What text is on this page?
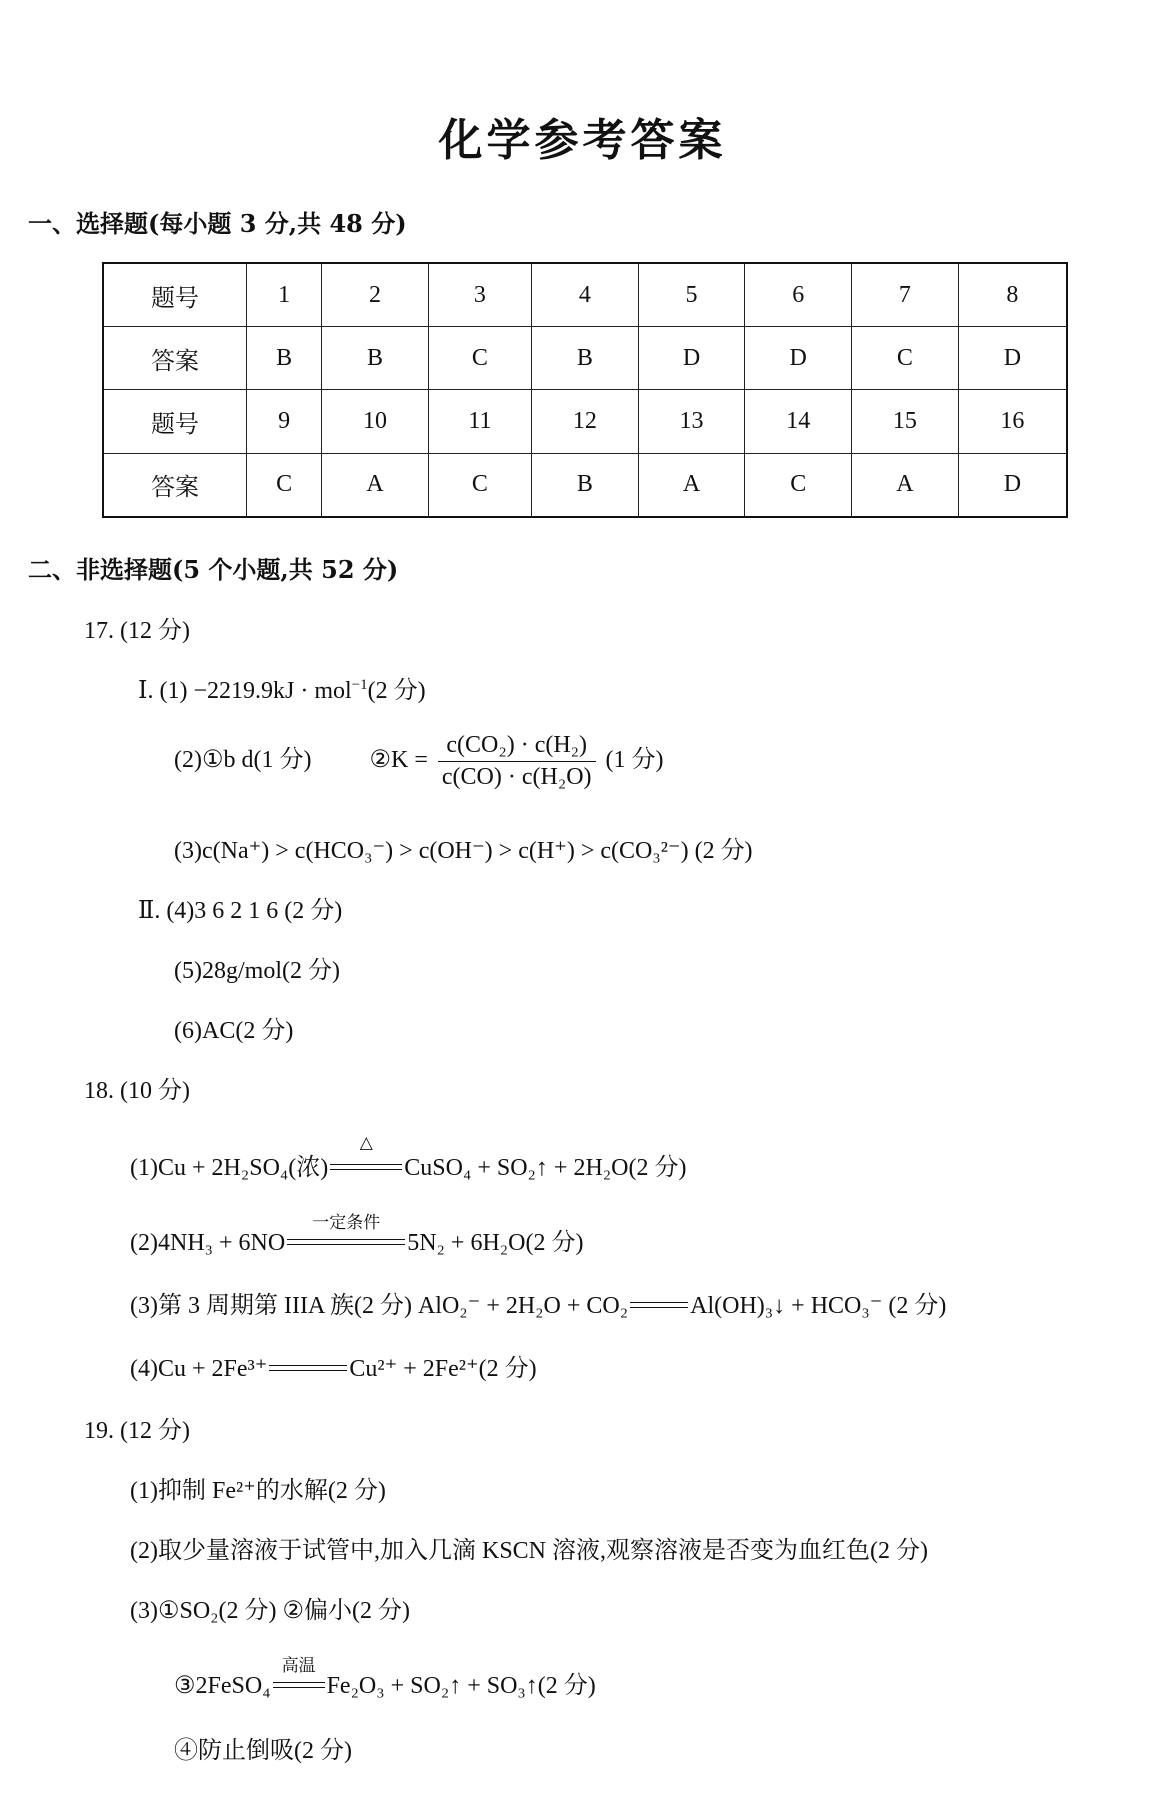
化学参考答案
一、选择题(每小题 3 分,共 48 分)
题号	1	2	3	4	5	6	7	8
答案	B	B	C	B	D	D	C	D
题号	9	10	11	12	13	14	15	16
答案	C	A	C	B	A	C	A	D
二、非选择题(5 个小题,共 52 分)
17. (12 分)
Ⅰ. (1) −2219.9kJ · mol$^{-1}$(2 分)
(2)①b d(1 分) ②K = $\frac{\text{c(CO₂) · c(H₂)}}{\text{c(CO) · c(H₂O)}} (1$ 分)
(3)c(Na⁺) > c(HCO₃⁻) > c(OH⁻) > c(H⁺) > c(CO₃²⁻) (2 分)
Ⅱ. (4)3 6 2 1 6 (2 分)
(5)28g/mol(2 分)
(6)AC(2 分)
18. (10 分)
(1)Cu + 2H₂SO₄(浓)
△
CuSO₄ + SO₂↑ + 2H₂O(2 分)
(2)4NH₃ + 6NO
一定条件
5N₂ + 6H₂O(2 分)
(3)第 3 周期第 IIIA 族(2 分) AlO₂⁻ + 2H₂O + CO₂	Al(OH)₃↓ + HCO₃⁻ (2 分)
(4)Cu + 2Fe³⁺	Cu²⁺ + 2Fe²⁺(2 分)
19. (12 分)
(1)抑制 Fe²⁺的水解(2 分)
(2)取少量溶液于试管中,加入几滴 KSCN 溶液,观察溶液是否变为血红色(2 分)
(3)①SO₂(2 分) ②偏小(2 分)
③2FeSO₄
高温
Fe₂O₃ + SO₂↑ + SO₃↑(2 分)
④防止倒吸(2 分)
